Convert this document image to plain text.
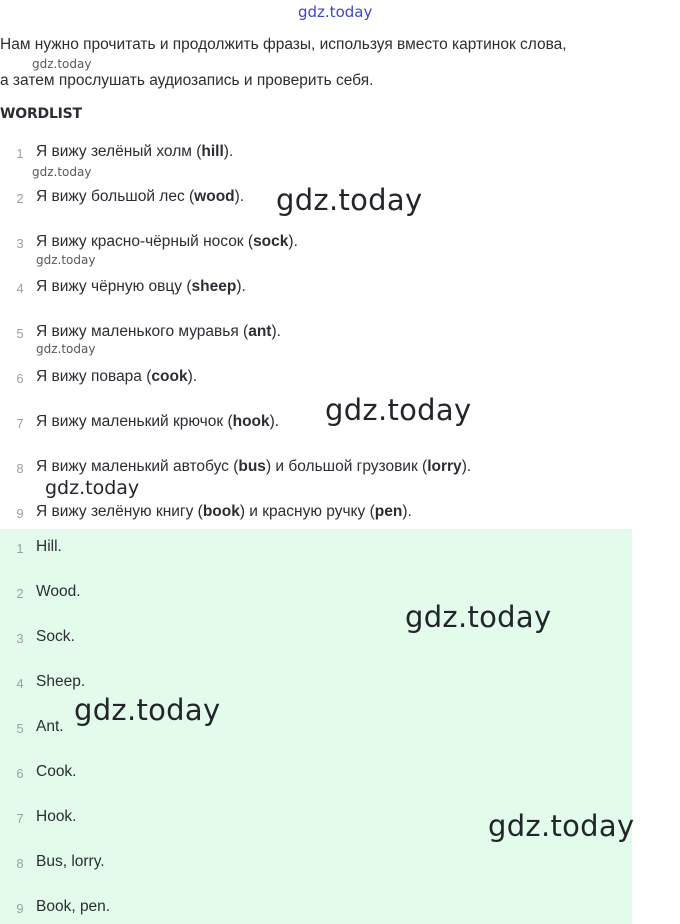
gdz.today
Нам нужно прочитать и продолжить фразы, используя вместо картинок слова,
а затем прослушать аудиозапись и проверить себя.
WORDLIST
1 Я вижу зелёный холм (hill).
2 Я вижу большой лес (wood).
3 Я вижу красно-чёрный носок (sock).
4 Я вижу чёрную овцу (sheep).
5 Я вижу маленького муравья (ant).
6 Я вижу повара (cook).
7 Я вижу маленький крючок (hook).
8 Я вижу маленький автобус (bus) и большой грузовик (lorry).
9 Я вижу зелёную книгу (book) и красную ручку (pen).
1 Hill.
2 Wood.
3 Sock.
4 Sheep.
5 Ant.
6 Cook.
7 Hook.
8 Bus, lorry.
9 Book, pen.
gdz.today
gdz.today
gdz.today
gdz.today
gdz.today
gdz.today
gdz.today
gdz.today
gdz.today
gdz.today
